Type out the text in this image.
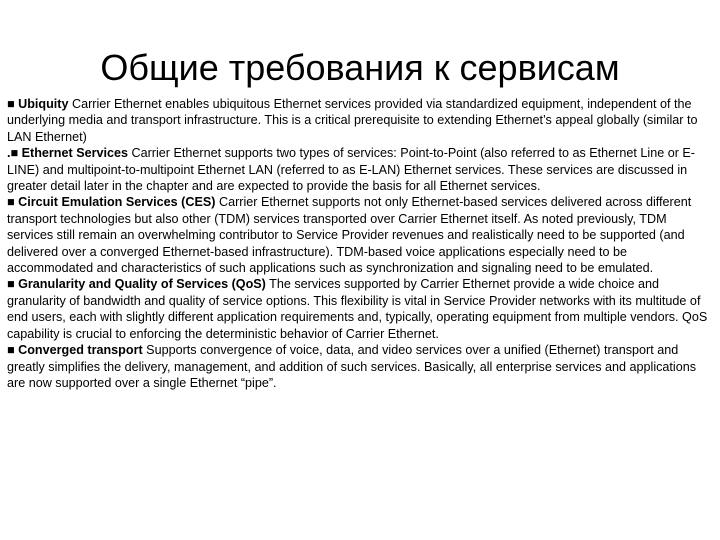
Общие требования к сервисам

■ Ubiquity Carrier Ethernet enables ubiquitous Ethernet services provided via standardized equipment, independent of the underlying media and transport infrastructure. This is a critical prerequisite to extending Ethernet’s appeal globally (similar to LAN Ethernet)

.■ Ethernet Services Carrier Ethernet supports two types of services: Point-to-Point (also referred to as Ethernet Line or E-LINE) and multipoint-to-multipoint Ethernet LAN (referred to as E-LAN) Ethernet services. These services are discussed in greater detail later in the chapter and are expected to provide the basis for all Ethernet services.

■ Circuit Emulation Services (CES) Carrier Ethernet supports not only Ethernet-based services delivered across different transport technologies but also other (TDM) services transported over Carrier Ethernet itself. As noted previously, TDM services still remain an overwhelming contributor to Service Provider revenues and realistically need to be supported (and delivered over a converged Ethernet-based infrastructure). TDM-based voice applications especially need to be accommodated and characteristics of such applications such as synchronization and signaling need to be emulated.

■ Granularity and Quality of Services (QoS) The services supported by Carrier Ethernet provide a wide choice and granularity of bandwidth and quality of service options. This flexibility is vital in Service Provider networks with its multitude of end users, each with slightly different application requirements and, typically, operating equipment from multiple vendors. QoS capability is crucial to enforcing the deterministic behavior of Carrier Ethernet.

■ Converged transport Supports convergence of voice, data, and video services over a unified (Ethernet) transport and greatly simplifies the delivery, management, and addition of such services. Basically, all enterprise services and applications are now supported over a single Ethernet “pipe”.
